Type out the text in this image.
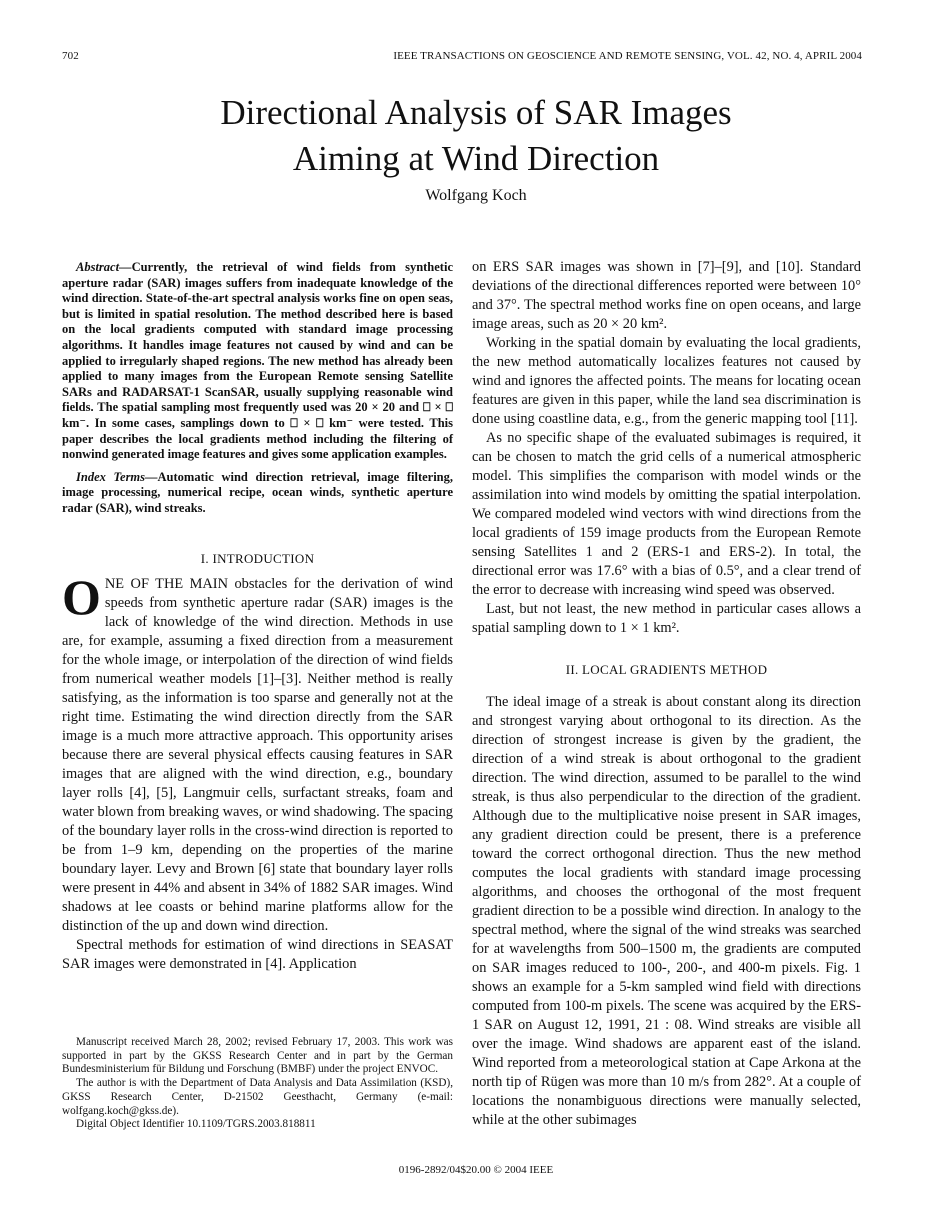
702	IEEE TRANSACTIONS ON GEOSCIENCE AND REMOTE SENSING, VOL. 42, NO. 4, APRIL 2004
Directional Analysis of SAR Images
Aiming at Wind Direction
Wolfgang Koch

Abstract—Currently, the retrieval of wind fields from synthetic aperture radar (SAR) images suffers from inadequate knowledge of the wind direction. State-of-the-art spectral analysis works fine on open seas, but is limited in spatial resolution. The method described here is based on the local gradients computed with standard image processing algorithms. It handles image features not caused by wind and can be applied to irregularly shaped regions. The new method has already been applied to many images from the European Remote sensing Satellite SARs and RADARSAT-1 ScanSAR, usually supplying reasonable wind fields. The spatial sampling most frequently used was 20 × 20 and ⎕ × ⎕ km⁻. In some cases, samplings down to ⎕ × ⎕ km⁻ were tested. This paper describes the local gradients method including the filtering of nonwind generated image features and gives some application examples.

Index Terms—Automatic wind direction retrieval, image filtering, image processing, numerical recipe, ocean winds, synthetic aperture radar (SAR), wind streaks.

I. INTRODUCTION

ONE OF THE MAIN obstacles for the derivation of wind speeds from synthetic aperture radar (SAR) images is the lack of knowledge of the wind direction. Methods in use are, for example, assuming a fixed direction from a measurement for the whole image, or interpolation of the direction of wind fields from numerical weather models [1]–[3]. Neither method is really satisfying, as the information is too sparse and generally not at the right time. Estimating the wind direction directly from the SAR image is a much more attractive approach. This opportunity arises because there are several physical effects causing features in SAR images that are aligned with the wind direction, e.g., boundary layer rolls [4], [5], Langmuir cells, surfactant streaks, foam and water blown from breaking waves, or wind shadowing. The spacing of the boundary layer rolls in the cross-wind direction is reported to be from 1–9 km, depending on the properties of the marine boundary layer. Levy and Brown [6] state that boundary layer rolls were present in 44% and absent in 34% of 1882 SAR images. Wind shadows at lee coasts or behind marine platforms allow for the distinction of the up and down wind direction.

Spectral methods for estimation of wind directions in SEASAT SAR images were demonstrated in [4]. Application

Manuscript received March 28, 2002; revised February 17, 2003. This work was supported in part by the GKSS Research Center and in part by the German Bundesministerium für Bildung und Forschung (BMBF) under the project ENVOC.

The author is with the Department of Data Analysis and Data Assimilation (KSD), GKSS Research Center, D-21502 Geesthacht, Germany (e-mail: wolfgang.koch@gkss.de).

Digital Object Identifier 10.1109/TGRS.2003.818811

on ERS SAR images was shown in [7]–[9], and [10]. Standard deviations of the directional differences reported were between 10° and 37°. The spectral method works fine on open oceans, and large image areas, such as 20 × 20 km².

Working in the spatial domain by evaluating the local gradients, the new method automatically localizes features not caused by wind and ignores the affected points. The means for locating ocean features are given in this paper, while the land sea discrimination is done using coastline data, e.g., from the generic mapping tool [11].

As no specific shape of the evaluated subimages is required, it can be chosen to match the grid cells of a numerical atmospheric model. This simplifies the comparison with model winds or the assimilation into wind models by omitting the spatial interpolation. We compared modeled wind vectors with wind directions from the local gradients of 159 image products from the European Remote sensing Satellites 1 and 2 (ERS-1 and ERS-2). In total, the directional error was 17.6° with a bias of 0.5°, and a clear trend of the error to decrease with increasing wind speed was observed.

Last, but not least, the new method in particular cases allows a spatial sampling down to 1 × 1 km².

II. LOCAL GRADIENTS METHOD

The ideal image of a streak is about constant along its direction and strongest varying about orthogonal to its direction. As the direction of strongest increase is given by the gradient, the direction of a wind streak is about orthogonal to the gradient direction. The wind direction, assumed to be parallel to the wind streak, is thus also perpendicular to the direction of the gradient. Although due to the multiplicative noise present in SAR images, any gradient direction could be present, there is a preference toward the correct orthogonal direction. Thus the new method computes the local gradients with standard image processing algorithms, and chooses the orthogonal of the most frequent gradient direction to be a possible wind direction. In analogy to the spectral method, where the signal of the wind streaks was searched for at wavelengths from 500–1500 m, the gradients are computed on SAR images reduced to 100-, 200-, and 400-m pixels. Fig. 1 shows an example for a 5-km sampled wind field with directions computed from 100-m pixels. The scene was acquired by the ERS-1 SAR on August 12, 1991, 21 : 08. Wind streaks are visible all over the image. Wind shadows are apparent east of the island. Wind reported from a meteorological station at Cape Arkona at the north tip of Rügen was more than 10 m/s from 282°. At a couple of locations the nonambiguous directions were manually selected, while at the other subimages

0196-2892/04$20.00 © 2004 IEEE
